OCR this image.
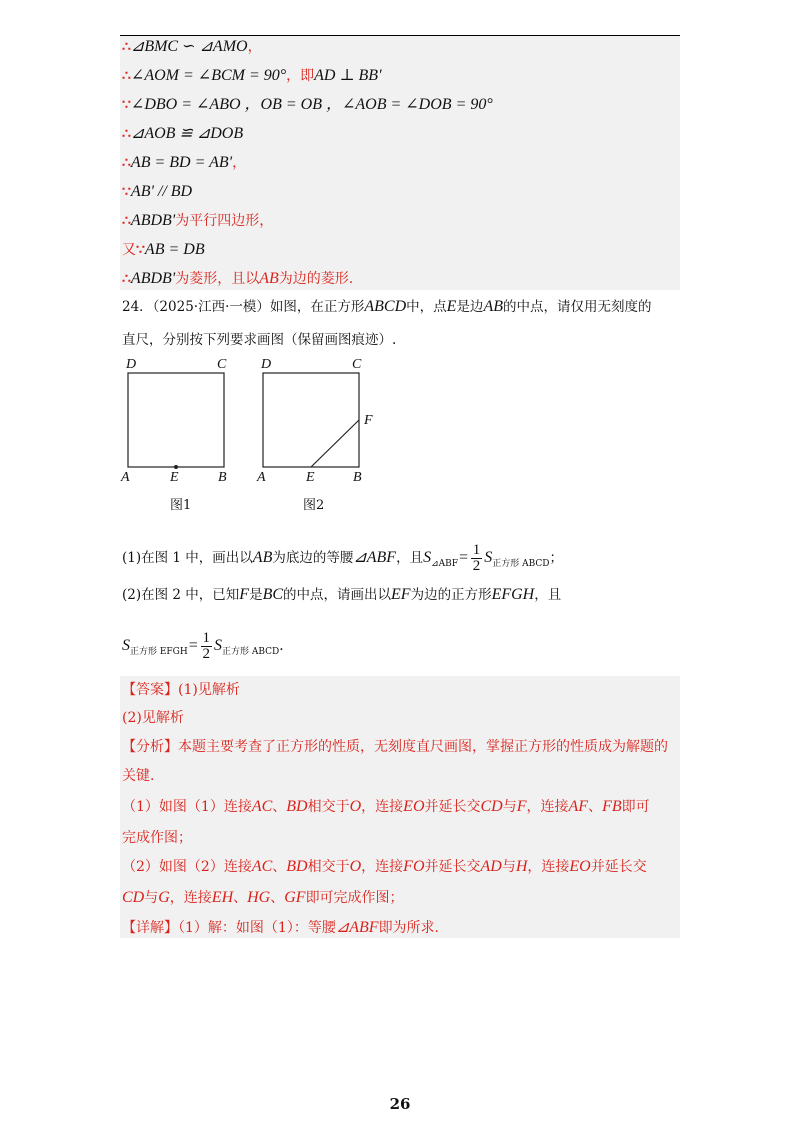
∴⊿BMC ∽ ⊿AMO，
∴∠AOM = ∠BCM = 90°，即AD ⊥ BB'
∵∠DBO = ∠ABO ，OB = OB ，∠AOB = ∠DOB = 90°
∴⊿AOB ≌ ⊿DOB
∴AB = BD = AB'，
∵AB' // BD
∴ABDB'为平行四边形，
又∵AB = DB
∴ABDB'为菱形，且以AB为边的菱形.
24．（2025·江西·一模）如图，在正方形ABCD中，点E是边AB的中点，请仅用无刻度的
直尺，分别按下列要求画图（保留画图痕迹）.
D	C
A	E	B
图1
D	C
F
A	E	B
图2
(1)在图 1 中，画出以AB为底边的等腰⊿ABF，且$S_{⊿ABF}= \frac{1}{2} S_{正方形 ABCD}$；
(2)在图 2 中，已知F是BC的中点，请画出以EF为边的正方形EFGH，且
$S_{正方形 EFGH}= \frac{1}{2} S_{正方形 ABCD}$.
【答案】(1)见解析
(2)见解析
【分析】本题主要考查了正方形的性质，无刻度直尺画图，掌握正方形的性质成为解题的
关键.
（1）如图（1）连接AC、BD相交于O，连接EO并延长交CD与F，连接AF、FB即可
完成作图；
（2）如图（2）连接AC、BD相交于O，连接FO并延长交AD与H，连接EO并延长交
CD与G，连接EH、HG、GF即可完成作图；
【详解】（1）解：如图（1）：等腰⊿ABF即为所求.
26
